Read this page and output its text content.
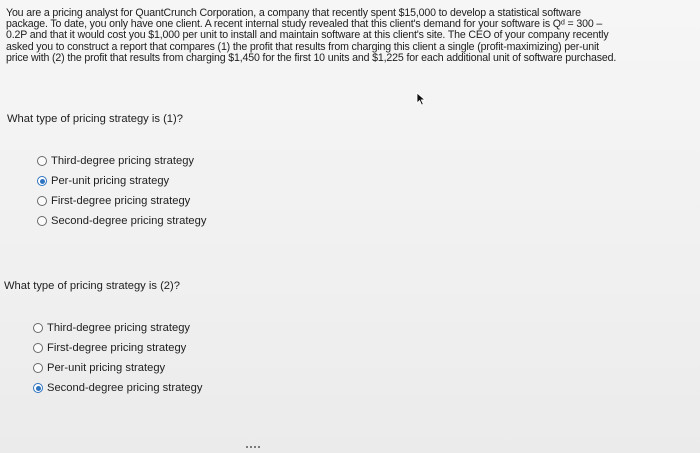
You are a pricing analyst for QuantCrunch Corporation, a company that recently spent $15,000 to develop a statistical software
package. To date, you only have one client. A recent internal study revealed that this client's demand for your software is Qᵈ = 300 –
0.2P and that it would cost you $1,000 per unit to install and maintain software at this client's site. The CEO of your company recently
asked you to construct a report that compares (1) the profit that results from charging this client a single (profit-maximizing) per-unit
price with (2) the profit that results from charging $1,450 for the first 10 units and $1,225 for each additional unit of software purchased.
What type of pricing strategy is (1)?
Third-degree pricing strategy
Per-unit pricing strategy
First-degree pricing strategy
Second-degree pricing strategy
What type of pricing strategy is (2)?
Third-degree pricing strategy
First-degree pricing strategy
Per-unit pricing strategy
Second-degree pricing strategy
